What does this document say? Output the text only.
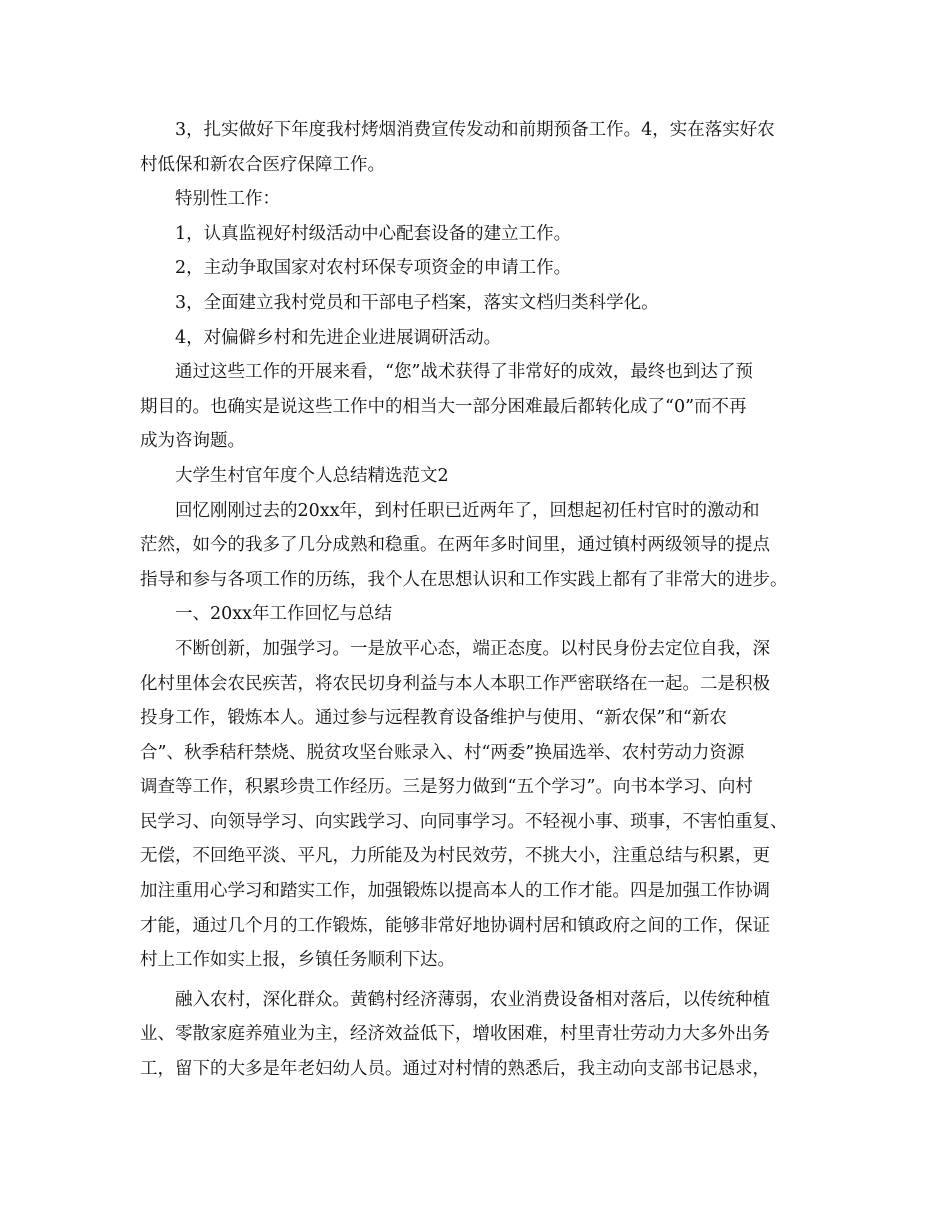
3，扎实做好下年度我村烤烟消费宣传发动和前期预备工作。4，实在落实好农
村低保和新农合医疗保障工作。
特别性工作：
1，认真监视好村级活动中心配套设备的建立工作。
2，主动争取国家对农村环保专项资金的申请工作。
3，全面建立我村党员和干部电子档案，落实文档归类科学化。
4，对偏僻乡村和先进企业进展调研活动。
通过这些工作的开展来看，“您”战术获得了非常好的成效，最终也到达了预
期目的。也确实是说这些工作中的相当大一部分困难最后都转化成了“0”而不再
成为咨询题。
大学生村官年度个人总结精选范文2
回忆刚刚过去的20xx年，到村任职已近两年了，回想起初任村官时的激动和
茫然，如今的我多了几分成熟和稳重。在两年多时间里，通过镇村两级领导的提点
指导和参与各项工作的历练，我个人在思想认识和工作实践上都有了非常大的进步。
一、20xx年工作回忆与总结
不断创新，加强学习。一是放平心态，端正态度。以村民身份去定位自我，深
化村里体会农民疾苦，将农民切身利益与本人本职工作严密联络在一起。二是积极
投身工作，锻炼本人。通过参与远程教育设备维护与使用、“新农保”和“新农
合”、秋季秸秆禁烧、脱贫攻坚台账录入、村“两委”换届选举、农村劳动力资源
调查等工作，积累珍贵工作经历。三是努力做到“五个学习”。向书本学习、向村
民学习、向领导学习、向实践学习、向同事学习。不轻视小事、琐事，不害怕重复、
无偿，不回绝平淡、平凡，力所能及为村民效劳，不挑大小，注重总结与积累，更
加注重用心学习和踏实工作，加强锻炼以提高本人的工作才能。四是加强工作协调
才能，通过几个月的工作锻炼，能够非常好地协调村居和镇政府之间的工作，保证
村上工作如实上报，乡镇任务顺利下达。
融入农村，深化群众。黄鹤村经济薄弱，农业消费设备相对落后，以传统种植
业、零散家庭养殖业为主，经济效益低下，增收困难，村里青壮劳动力大多外出务
工，留下的大多是年老妇幼人员。通过对村情的熟悉后，我主动向支部书记恳求，
